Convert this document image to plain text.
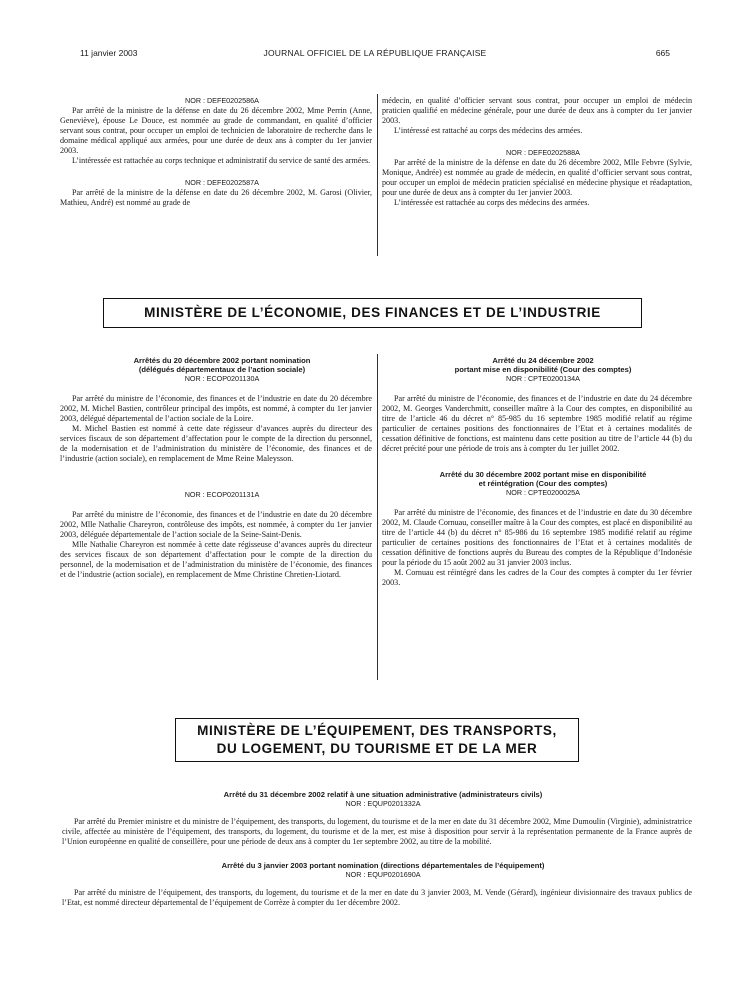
11 janvier 2003	JOURNAL OFFICIEL DE LA RÉPUBLIQUE FRANÇAISE	665

NOR : DEFE0202586A

Par arrêté de la ministre de la défense en date du 26 décembre 2002, Mme Perrin (Anne, Geneviève), épouse Le Douce, est nommée au grade de commandant, en qualité d’officier servant sous contrat, pour occuper un emploi de technicien de laboratoire de recherche dans le domaine médical appliqué aux armées, pour une durée de deux ans à compter du 1er janvier 2003.

L’intéressée est rattachée au corps technique et administratif du service de santé des armées.

NOR : DEFE0202587A

Par arrêté de la ministre de la défense en date du 26 décembre 2002, M. Garosi (Olivier, Mathieu, André) est nommé au grade de

médecin, en qualité d’officier servant sous contrat, pour occuper un emploi de médecin praticien qualifié en médecine générale, pour une durée de deux ans à compter du 1er janvier 2003.

L’intéressé est rattaché au corps des médecins des armées.

NOR : DEFE0202588A

Par arrêté de la ministre de la défense en date du 26 décembre 2002, Mlle Febvre (Sylvie, Monique, Andrée) est nommée au grade de médecin, en qualité d’officier servant sous contrat, pour occuper un emploi de médecin praticien spécialisé en médecine physique et réadaptation, pour une durée de deux ans à compter du 1er janvier 2003.

L’intéressée est rattachée au corps des médecins des armées.

MINISTÈRE DE L’ÉCONOMIE, DES FINANCES ET DE L’INDUSTRIE

Arrêtés du 20 décembre 2002 portant nomination

(délégués départementaux de l’action sociale)

NOR : ECOP0201130A

Par arrêté du ministre de l’économie, des finances et de l’industrie en date du 20 décembre 2002, M. Michel Bastien, contrôleur principal des impôts, est nommé, à compter du 1er janvier 2003, délégué départemental de l’action sociale de la Loire.

M. Michel Bastien est nommé à cette date régisseur d’avances auprès du directeur des services fiscaux de son département d’affectation pour le compte de la direction du personnel, de la modernisation et de l’administration du ministère de l’économie, des finances et de l’industrie (action sociale), en remplacement de Mme Reine Maleysson.

NOR : ECOP0201131A

Par arrêté du ministre de l’économie, des finances et de l’industrie en date du 20 décembre 2002, Mlle Nathalie Chareyron, contrôleuse des impôts, est nommée, à compter du 1er janvier 2003, déléguée départementale de l’action sociale de la Seine-Saint-Denis.

Mlle Nathalie Chareyron est nommée à cette date régisseuse d’avances auprès du directeur des services fiscaux de son département d’affectation pour le compte de la direction du personnel, de la modernisation et de l’administration du ministère de l’économie, des finances et de l’industrie (action sociale), en remplacement de Mme Christine Chretien-Liotard.

Arrêté du 24 décembre 2002

portant mise en disponibilité (Cour des comptes)

NOR : CPTE0200134A

Par arrêté du ministre de l’économie, des finances et de l’industrie en date du 24 décembre 2002, M. Georges Vanderchmitt, conseiller maître à la Cour des comptes, en disponibilité au titre de l’article 46 du décret n° 85-985 du 16 septembre 1985 modifié relatif au régime particulier de certaines positions des fonctionnaires de l’Etat et à certaines modalités de cessation définitive de fonctions, est maintenu dans cette position au titre de l’article 44 (b) du décret précité pour une période de trois ans à compter du 1er juillet 2002.

Arrêté du 30 décembre 2002 portant mise en disponibilité

et réintégration (Cour des comptes)

NOR : CPTE0200025A

Par arrêté du ministre de l’économie, des finances et de l’industrie en date du 30 décembre 2002, M. Claude Cornuau, conseiller maître à la Cour des comptes, est placé en disponibilité au titre de l’article 44 (b) du décret n° 85-986 du 16 septembre 1985 modifié relatif au régime particulier de certaines positions des fonctionnaires de l’Etat et à certaines modalités de cessation définitive de fonctions auprès du Bureau des comptes de la République d’Indonésie pour la période du 15 août 2002 au 31 janvier 2003 inclus.

M. Cornuau est réintégré dans les cadres de la Cour des comptes à compter du 1er février 2003.

MINISTÈRE DE L’ÉQUIPEMENT, DES TRANSPORTS,
DU LOGEMENT, DU TOURISME ET DE LA MER

Arrêté du 31 décembre 2002 relatif à une situation administrative (administrateurs civils)

NOR : EQUP0201332A

Par arrêté du Premier ministre et du ministre de l’équipement, des transports, du logement, du tourisme et de la mer en date du 31 décembre 2002, Mme Dumoulin (Virginie), administratrice civile, affectée au ministère de l’équipement, des transports, du logement, du tourisme et de la mer, est mise à disposition pour servir à la représentation permanente de la France auprès de l’Union européenne en qualité de conseillère, pour une période de deux ans à compter du 1er septembre 2002, au titre de la mobilité.

Arrêté du 3 janvier 2003 portant nomination (directions départementales de l’équipement)

NOR : EQUP0201690A

Par arrêté du ministre de l’équipement, des transports, du logement, du tourisme et de la mer en date du 3 janvier 2003, M. Vende (Gérard), ingénieur divisionnaire des travaux publics de l’Etat, est nommé directeur départemental de l’équipement de Corrèze à compter du 1er décembre 2002.
